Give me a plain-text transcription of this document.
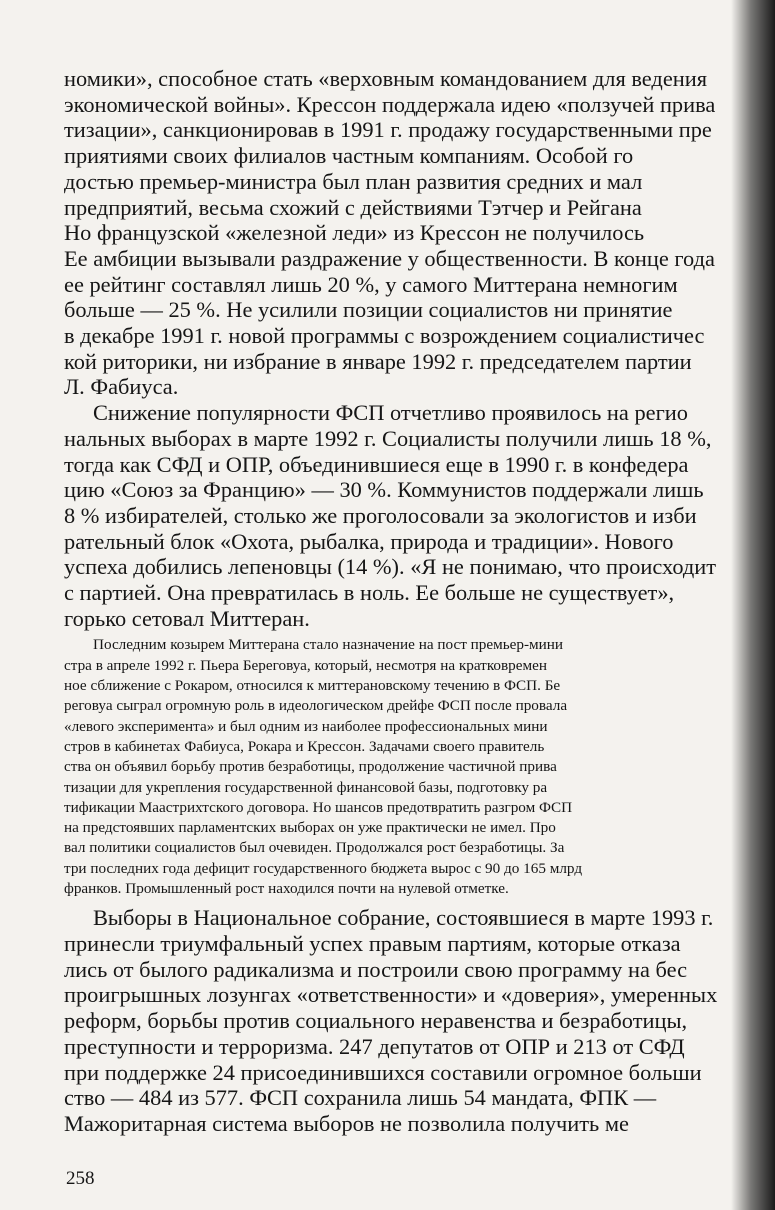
номики», способное стать «верховным командованием для ведения
экономической войны». Крессон поддержала идею «ползучей прива
тизации», санкционировав в 1991 г. продажу государственными пре
приятиями своих филиалов частным компаниям. Особой го
достью премьер-министра был план развития средних и мал
предприятий, весьма схожий с действиями Тэтчер и Рейгана
Но французской «железной леди» из Крессон не получилось
Ее амбиции вызывали раздражение у общественности. В конце года
ее рейтинг составлял лишь 20 %, у самого Миттерана немногим
больше — 25 %. Не усилили позиции социалистов ни принятие
в декабре 1991 г. новой программы с возрождением социалистичес
кой риторики, ни избрание в январе 1992 г. председателем партии
Л. Фабиуса.
Снижение популярности ФСП отчетливо проявилось на регио
нальных выборах в марте 1992 г. Социалисты получили лишь 18 %,
тогда как СФД и ОПР, объединившиеся еще в 1990 г. в конфедера
цию «Союз за Францию» — 30 %. Коммунистов поддержали лишь
8 % избирателей, столько же проголосовали за экологистов и изби
рательный блок «Охота, рыбалка, природа и традиции». Нового
успеха добились лепеновцы (14 %). «Я не понимаю, что происходит
с партией. Она превратилась в ноль. Ее больше не существует»,
горько сетовал Миттеран.
Последним козырем Миттерана стало назначение на пост премьер-мини
стра в апреле 1992 г. Пьера Береговуа, который, несмотря на кратковремен
ное сближение с Рокаром, относился к миттерановскому течению в ФСП. Бе
реговуа сыграл огромную роль в идеологическом дрейфе ФСП после провала
«левого эксперимента» и был одним из наиболее профессиональных мини
стров в кабинетах Фабиуса, Рокара и Крессон. Задачами своего правитель
ства он объявил борьбу против безработицы, продолжение частичной прива
тизации для укрепления государственной финансовой базы, подготовку ра
тификации Маастрихтского договора. Но шансов предотвратить разгром ФСП
на предстоявших парламентских выборах он уже практически не имел. Про
вал политики социалистов был очевиден. Продолжался рост безработицы. За
три последних года дефицит государственного бюджета вырос с 90 до 165 млрд
франков. Промышленный рост находился почти на нулевой отметке.
Выборы в Национальное собрание, состоявшиеся в марте 1993 г.
принесли триумфальный успех правым партиям, которые отказа
лись от былого радикализма и построили свою программу на бес
проигрышных лозунгах «ответственности» и «доверия», умеренных
реформ, борьбы против социального неравенства и безработицы,
преступности и терроризма. 247 депутатов от ОПР и 213 от СФД
при поддержке 24 присоединившихся составили огромное больши
ство — 484 из 577. ФСП сохранила лишь 54 мандата, ФПК —
Мажоритарная система выборов не позволила получить ме
258
